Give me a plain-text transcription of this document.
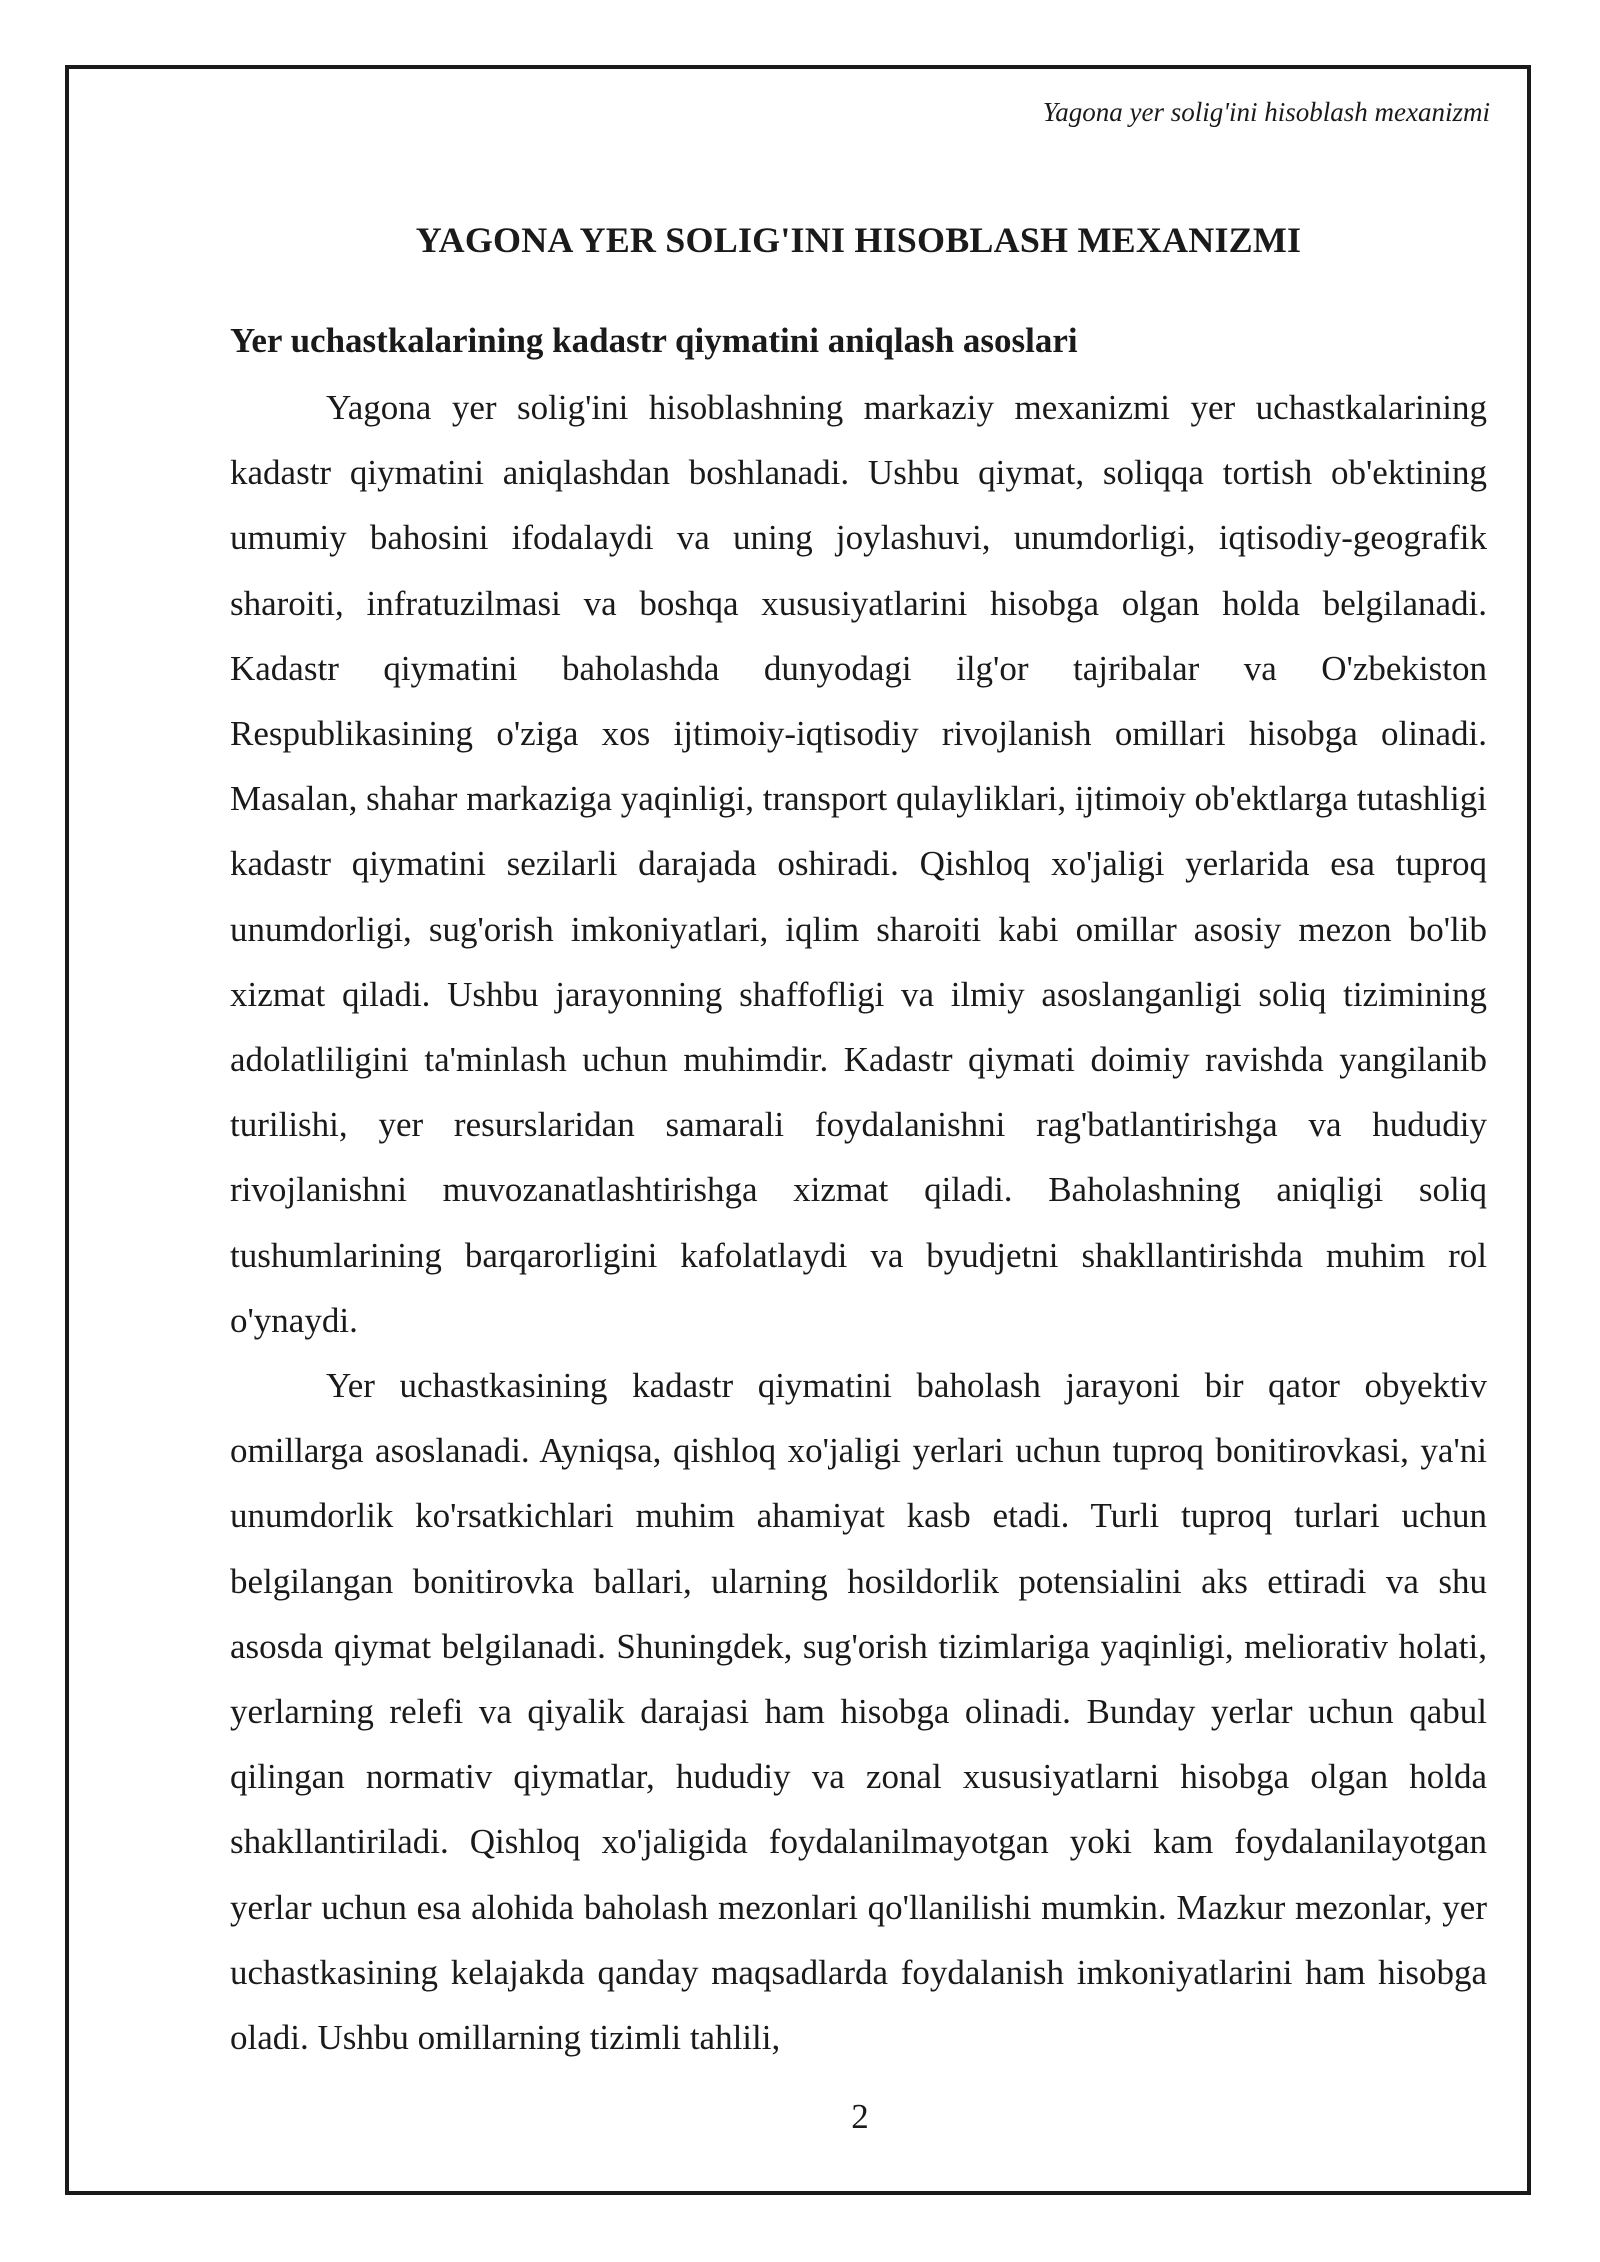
Yagona yer solig'ini hisoblash mexanizmi
YAGONA YER SOLIG'INI HISOBLASH MEXANIZMI
Yer uchastkalarining kadastr qiymatini aniqlash asoslari

Yagona yer solig'ini hisoblashning markaziy mexanizmi yer uchastkalarining kadastr qiymatini aniqlashdan boshlanadi. Ushbu qiymat, soliqqa tortish ob'ektining umumiy bahosini ifodalaydi va uning joylashuvi, unumdorligi, iqtisodiy-geografik sharoiti, infratuzilmasi va boshqa xususiyatlarini hisobga olgan holda belgilanadi. Kadastr qiymatini baholashda dunyodagi ilg'or tajribalar va O'zbekiston Respublikasining o'ziga xos ijtimoiy-iqtisodiy rivojlanish omillari hisobga olinadi. Masalan, shahar markaziga yaqinligi, transport qulayliklari, ijtimoiy ob'ektlarga tutashligi kadastr qiymatini sezilarli darajada oshiradi. Qishloq xo'jaligi yerlarida esa tuproq unumdorligi, sug'orish imkoniyatlari, iqlim sharoiti kabi omillar asosiy mezon bo'lib xizmat qiladi. Ushbu jarayonning shaffofligi va ilmiy asoslanganligi soliq tizimining adolatliligini ta'minlash uchun muhimdir. Kadastr qiymati doimiy ravishda yangilanib turilishi, yer resurslaridan samarali foydalanishni rag'batlantirishga va hududiy rivojlanishni muvozanatlashtirishga xizmat qiladi. Baholashning aniqligi soliq tushumlarining barqarorligini kafolatlaydi va byudjetni shakllantirishda muhim rol o'ynaydi.

Yer uchastkasining kadastr qiymatini baholash jarayoni bir qator obyektiv omillarga asoslanadi. Ayniqsa, qishloq xo'jaligi yerlari uchun tuproq bonitirovkasi, ya'ni unumdorlik ko'rsatkichlari muhim ahamiyat kasb etadi. Turli tuproq turlari uchun belgilangan bonitirovka ballari, ularning hosildorlik potensialini aks ettiradi va shu asosda qiymat belgilanadi. Shuningdek, sug'orish tizimlariga yaqinligi, meliorativ holati, yerlarning relefi va qiyalik darajasi ham hisobga olinadi. Bunday yerlar uchun qabul qilingan normativ qiymatlar, hududiy va zonal xususiyatlarni hisobga olgan holda shakllantiriladi. Qishloq xo'jaligida foydalanilmayotgan yoki kam foydalanilayotgan yerlar uchun esa alohida baholash mezonlari qo'llanilishi mumkin. Mazkur mezonlar, yer uchastkasining kelajakda qanday maqsadlarda foydalanish imkoniyatlarini ham hisobga oladi. Ushbu omillarning tizimli tahlili,

2
